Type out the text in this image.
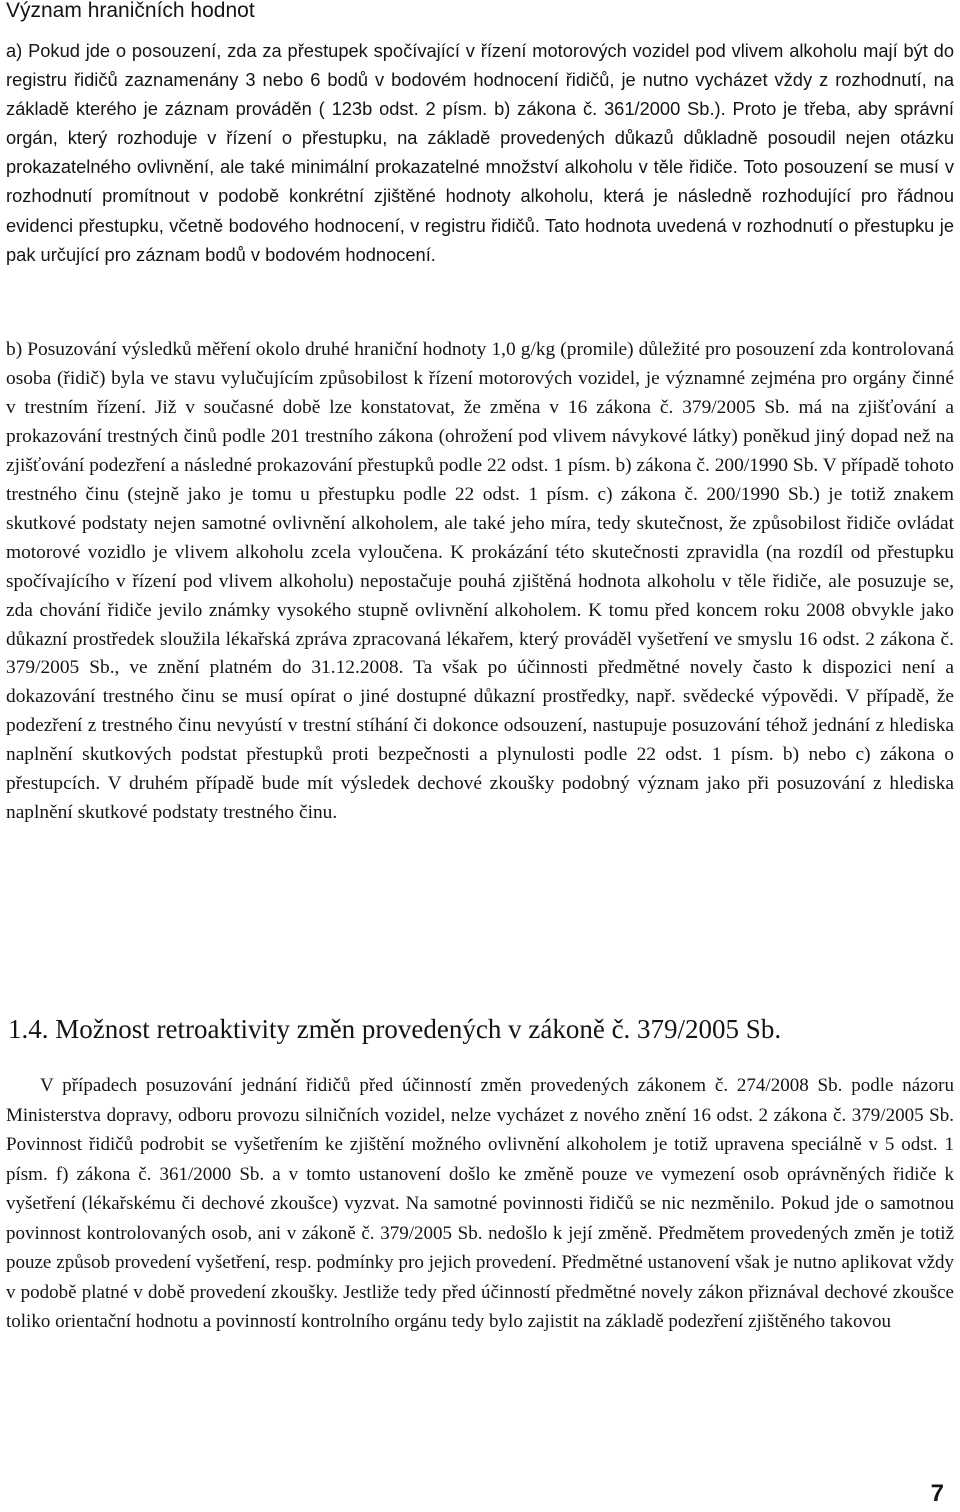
Význam hraničních hodnot

a) Pokud jde o posouzení, zda za přestupek spočívající v řízení motorových vozidel pod vlivem alkoholu mají být do registru řidičů zaznamenány 3 nebo 6 bodů v bodovém hodnocení řidičů, je nutno vycházet vždy z rozhodnutí, na základě kterého je záznam prováděn ( 123b odst. 2 písm. b) zákona č. 361/2000 Sb.). Proto je třeba, aby správní orgán, který rozhoduje v řízení o přestupku, na základě provedených důkazů důkladně posoudil nejen otázku prokazatelného ovlivnění, ale také minimální prokazatelné množství alkoholu v těle řidiče. Toto posouzení se musí v rozhodnutí promítnout v podobě konkrétní zjištěné hodnoty alkoholu, která je následně rozhodující pro řádnou evidenci přestupku, včetně bodového hodnocení, v registru řidičů. Tato hodnota uvedená v rozhodnutí o přestupku je pak určující pro záznam bodů v bodovém hodnocení.

b) Posuzování výsledků měření okolo druhé hraniční hodnoty 1,0 g/kg (promile) důležité pro posouzení zda kontrolovaná osoba (řidič) byla ve stavu vylučujícím způsobilost k řízení motorových vozidel, je významné zejména pro orgány činné v trestním řízení. Již v současné době lze konstatovat, že změna v 16 zákona č. 379/2005 Sb. má na zjišťování a prokazování trestných činů podle 201 trestního zákona (ohrožení pod vlivem návykové látky) poněkud jiný dopad než na zjišťování podezření a následné prokazování přestupků podle 22 odst. 1 písm. b) zákona č. 200/1990 Sb. V případě tohoto trestného činu (stejně jako je tomu u přestupku podle 22 odst. 1 písm. c) zákona č. 200/1990 Sb.) je totiž znakem skutkové podstaty nejen samotné ovlivnění alkoholem, ale také jeho míra, tedy skutečnost, že způsobilost řidiče ovládat motorové vozidlo je vlivem alkoholu zcela vyloučena. K prokázání této skutečnosti zpravidla (na rozdíl od přestupku spočívajícího v řízení pod vlivem alkoholu) nepostačuje pouhá zjištěná hodnota alkoholu v těle řidiče, ale posuzuje se, zda chování řidiče jevilo známky vysokého stupně ovlivnění alkoholem. K tomu před koncem roku 2008 obvykle jako důkazní prostředek sloužila lékařská zpráva zpracovaná lékařem, který prováděl vyšetření ve smyslu 16 odst. 2 zákona č. 379/2005 Sb., ve znění platném do 31.12.2008. Ta však po účinnosti předmětné novely často k dispozici není a dokazování trestného činu se musí opírat o jiné dostupné důkazní prostředky, např. svědecké výpovědi. V případě, že podezření z trestného činu nevyústí v trestní stíhání či dokonce odsouzení, nastupuje posuzování téhož jednání z hlediska naplnění skutkových podstat přestupků proti bezpečnosti a plynulosti podle 22 odst. 1 písm. b) nebo c) zákona o přestupcích. V druhém případě bude mít výsledek dechové zkoušky podobný význam jako při posuzování z hlediska naplnění skutkové podstaty trestného činu.

1.4. Možnost retroaktivity změn provedených v zákoně č. 379/2005 Sb.

V případech posuzování jednání řidičů před účinností změn provedených zákonem č. 274/2008 Sb. podle názoru Ministerstva dopravy, odboru provozu silničních vozidel, nelze vycházet z nového znění 16 odst. 2 zákona č. 379/2005 Sb. Povinnost řidičů podrobit se vyšetřením ke zjištění možného ovlivnění alkoholem je totiž upravena speciálně v 5 odst. 1 písm. f) zákona č. 361/2000 Sb. a v tomto ustanovení došlo ke změně pouze ve vymezení osob oprávněných řidiče k vyšetření (lékařskému či dechové zkoušce) vyzvat. Na samotné povinnosti řidičů se nic nezměnilo. Pokud jde o samotnou povinnost kontrolovaných osob, ani v zákoně č. 379/2005 Sb. nedošlo k její změně. Předmětem provedených změn je totiž pouze způsob provedení vyšetření, resp. podmínky pro jejich provedení. Předmětné ustanovení však je nutno aplikovat vždy v podobě platné v době provedení zkoušky. Jestliže tedy před účinností předmětné novely zákon přiznával dechové zkoušce toliko orientační hodnotu a povinností kontrolního orgánu tedy bylo zajistit na základě podezření zjištěného takovou

7
